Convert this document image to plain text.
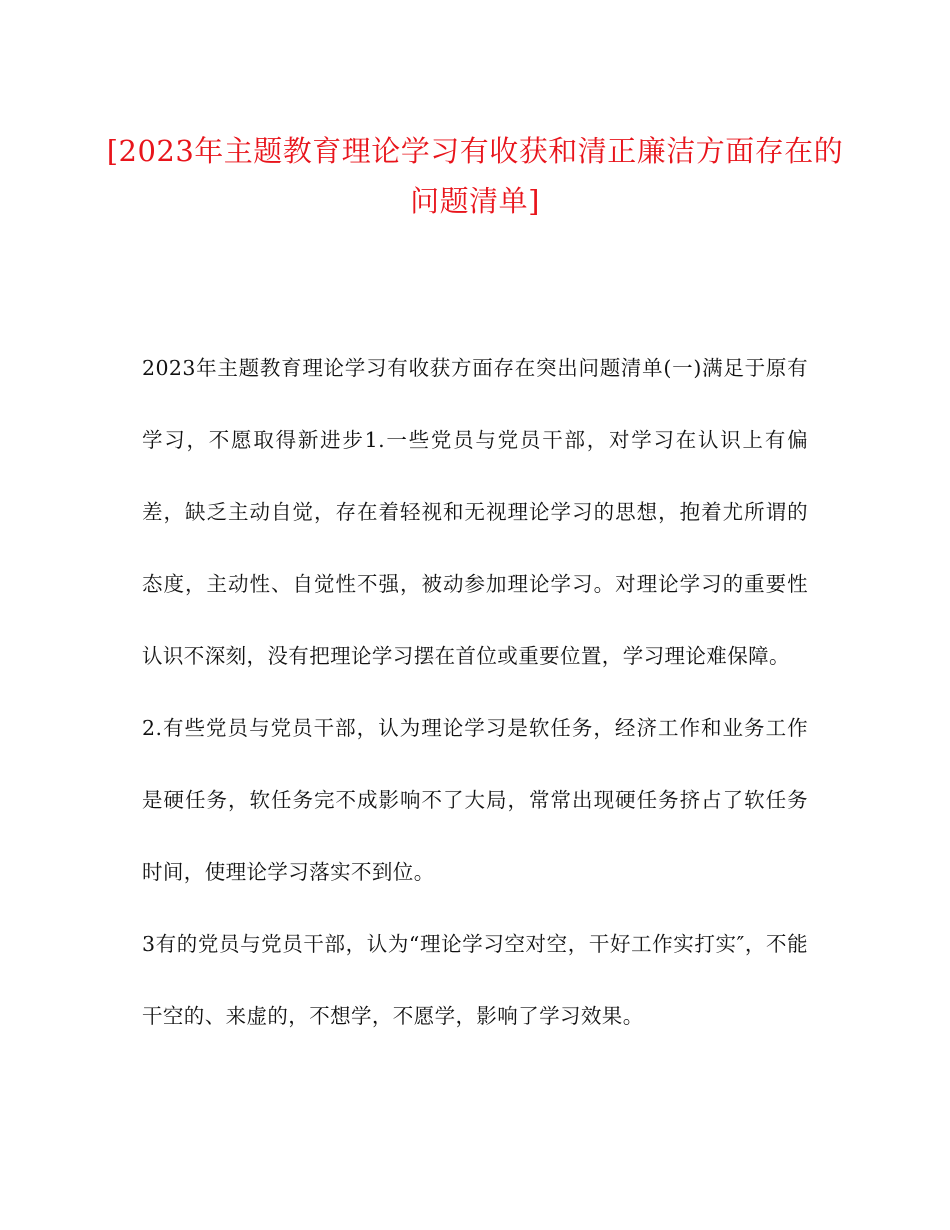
[2023年主题教育理论学习有收获和清正廉洁方面存在的问题清单]

2023年主题教育理论学习有收获方面存在突出问题清单(一)满足于原有学习，不愿取得新进步1.一些党员与党员干部，对学习在认识上有偏差，缺乏主动自觉，存在着轻视和无视理论学习的思想，抱着尤所谓的态度，主动性、自觉性不强，被动参加理论学习。对理论学习的重要性认识不深刻，没有把理论学习摆在首位或重要位置，学习理论难保障。

2.有些党员与党员干部，认为理论学习是软任务，经济工作和业务工作是硬任务，软任务完不成影响不了大局，常常出现硬任务挤占了软任务时间，使理论学习落实不到位。

3有的党员与党员干部，认为“理论学习空对空，干好工作实打实″，不能干空的、来虚的，不想学，不愿学，影响了学习效果。
